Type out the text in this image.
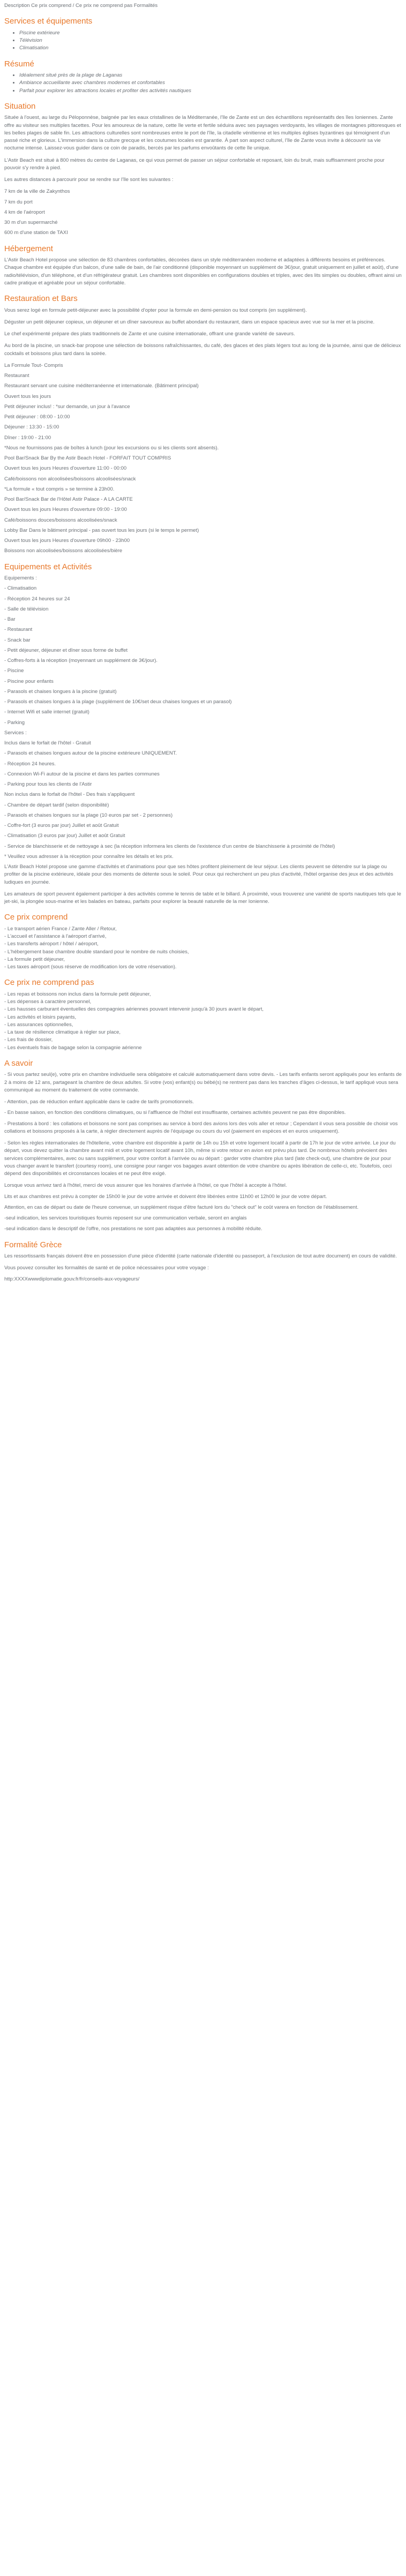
Description Ce prix comprend / Ce prix ne comprend pas Formalités
Services et équipements
• Piscine extérieure
• Télévision
• Climatisation
Résumé
• Idéalement situé près de la plage de Laganas
• Ambiance accueillante avec chambres modernes et confortables
• Parfait pour explorer les attractions locales et profiter des activités nautiques
Situation

Située à l'ouest, au large du Péloponnèse, baignée par les eaux cristallines de la Méditerranée, l'île de Zante est un des échantillons représentatifs des îles Ioniennes. Zante offre au visiteur ses multiples facettes. Pour les amoureux de la nature, cette île verte et fertile séduira avec ses paysages verdoyants, les villages de montagnes pittoresques et les belles plages de sable fin. Les attractions culturelles sont nombreuses entre le port de l'île, la citadelle vénitienne et les multiples églises byzantines qui témoignent d'un passé riche et glorieux. L'immersion dans la culture grecque et les coutumes locales est garantie. À part son aspect culturel, l'île de Zante vous invite à découvrir sa vie nocturne intense. Laissez-vous guider dans ce coin de paradis, bercés par les parfums envoûtants de cette île unique.

L'Astir Beach est situé à 800 mètres du centre de Laganas, ce qui vous permet de passer un séjour confortable et reposant, loin du bruit, mais suffisamment proche pour pouvoir s'y rendre à pied.

Les autres distances à parcourir pour se rendre sur l'île sont les suivantes :

7 km de la ville de Zakynthos

7 km du port

4 km de l'aéroport

30 m d'un supermarché

600 m d'une station de TAXI

Hébergement

L'Astir Beach Hotel propose une sélection de 83 chambres confortables, décorées dans un style méditerranéen moderne et adaptées à différents besoins et préférences. Chaque chambre est équipée d'un balcon, d'une salle de bain, de l'air conditionné (disponible moyennant un supplément de 3€/jour, gratuit uniquement en juillet et août), d'une radio/télévision, d'un téléphone, et d'un réfrigérateur gratuit. Les chambres sont disponibles en configurations doubles et triples, avec des lits simples ou doubles, offrant ainsi un cadre pratique et agréable pour un séjour confortable.

Restauration et Bars

Vous serez logé en formule petit-déjeuner avec la possibilité d'opter pour la formule en demi-pension ou tout compris (en supplément).

Déguster un petit déjeuner copieux, un déjeuner et un dîner savoureux au buffet abondant du restaurant, dans un espace spacieux avec vue sur la mer et la piscine.

Le chef expérimenté prépare des plats traditionnels de Zante et une cuisine internationale, offrant une grande variété de saveurs.

Au bord de la piscine, un snack-bar propose une sélection de boissons rafraîchissantes, du café, des glaces et des plats légers tout au long de la journée, ainsi que de délicieux cocktails et boissons plus tard dans la soirée.

La Formule Tout- Compris

Restaurant

Restaurant servant une cuisine méditerranéenne et internationale. (Bâtiment principal)

Ouvert tous les jours

Petit déjeuner inclus! : *sur demande, un jour à l'avance

Petit déjeuner : 08:00 - 10:00

Déjeuner : 13:30 - 15:00

Dîner : 19:00 - 21:00

*Nous ne fournissons pas de boîtes à lunch (pour les excursions ou si les clients sont absents).

Pool Bar/Snack Bar By the Astir Beach Hotel - FORFAIT TOUT COMPRIS

Ouvert tous les jours Heures d'ouverture 11:00 - 00:00

Café/boissons non alcoolisées/boissons alcoolisées/snack

*La formule « tout compris » se termine à 23h00.

Pool Bar/Snack Bar de l'Hôtel Astir Palace - A LA CARTE

Ouvert tous les jours Heures d'ouverture 09:00 - 19:00

Café/boissons douces/boissons alcoolisées/snack

Lobby Bar Dans le bâtiment principal - pas ouvert tous les jours (si le temps le permet)

Ouvert tous les jours Heures d'ouverture 09h00 - 23h00

Boissons non alcoolisées/boissons alcoolisées/bière

Equipements et Activités

Equipements :

- Climatisation

- Réception 24 heures sur 24

- Salle de télévision

- Bar

- Restaurant

- Snack bar

- Petit déjeuner, déjeuner et dîner sous forme de buffet

- Coffres-forts à la réception (moyennant un supplément de 3€/jour).

- Piscine

- Piscine pour enfants

- Parasols et chaises longues à la piscine (gratuit)

- Parasols et chaises longues à la plage (supplément de 10€/set deux chaises longues et un parasol)

- Internet Wifi et salle internet (gratuit)

- Parking

Services :

Inclus dans le forfait de l'hôtel - Gratuit

- Parasols et chaises longues autour de la piscine extérieure UNIQUEMENT.

- Réception 24 heures.

- Connexion Wi-Fi autour de la piscine et dans les parties communes

- Parking pour tous les clients de l'Astir

Non inclus dans le forfait de l'hôtel - Des frais s'appliquent

- Chambre de départ tardif (selon disponibilité)

- Parasols et chaises longues sur la plage (10 euros par set - 2 personnes)

- Coffre-fort (3 euros par jour) Juillet et août Gratuit

- Climatisation (3 euros par jour) Juillet et août Gratuit

- Service de blanchisserie et de nettoyage à sec (la réception informera les clients de l'existence d'un centre de blanchisserie à proximité de l'hôtel)

* Veuillez vous adresser à la réception pour connaître les détails et les prix.

L'Astir Beach Hotel propose une gamme d'activités et d'animations pour que ses hôtes profitent pleinement de leur séjour. Les clients peuvent se détendre sur la plage ou profiter de la piscine extérieure, idéale pour des moments de détente sous le soleil. Pour ceux qui recherchent un peu plus d'activité, l'hôtel organise des jeux et des activités ludiques en journée.

Les amateurs de sport peuvent également participer à des activités comme le tennis de table et le billard. À proximité, vous trouverez une variété de sports nautiques tels que le jet-ski, la plongée sous-marine et les balades en bateau, parfaits pour explorer la beauté naturelle de la mer Ionienne.

Ce prix comprend
- Le transport aérien France / Zante Aller / Retour,
- L'accueil et l'assistance à l'aéroport d'arrivé,
- Les transferts aéroport / hôtel / aéroport,
- L'hébergement base chambre double standard pour le nombre de nuits choisies,
- La formule petit déjeuner,
- Les taxes aéroport (sous réserve de modification lors de votre réservation).
Ce prix ne comprend pas
- Les repas et boissons non inclus dans la formule petit déjeuner,
- Les dépenses à caractère personnel,
- Les hausses carburant éventuelles des compagnies aériennes pouvant intervenir jusqu'à 30 jours avant le départ,
- Les activités et loisirs payants,
- Les assurances optionnelles,
- La taxe de résilience climatique à régler sur place,
- Les frais de dossier,
- Les éventuels frais de bagage selon la compagnie aérienne
A savoir

- Si vous partez seul(e), votre prix en chambre individuelle sera obligatoire et calculé automatiquement dans votre devis. - Les tarifs enfants seront appliqués pour les enfants de 2 à moins de 12 ans, partageant la chambre de deux adultes. Si votre (vos) enfant(s) ou bébé(s) ne rentrent pas dans les tranches d'âges ci-dessus, le tarif appliqué vous sera communiqué au moment du traitement de votre commande.

- Attention, pas de réduction enfant applicable dans le cadre de tarifs promotionnels.

- En basse saison, en fonction des conditions climatiques, ou si l'affluence de l'hôtel est insuffisante, certaines activités peuvent ne pas être disponibles.

- Prestations à bord : les collations et boissons ne sont pas comprises au service à bord des avions lors des vols aller et retour ; Cependant il vous sera possible de choisir vos collations et boissons proposés à la carte, à régler directement auprès de l'équipage ou cours du vol (paiement en espèces et en euros uniquement).

- Selon les règles internationales de l'hôtellerie, votre chambre est disponible à partir de 14h ou 15h et votre logement locatif à partir de 17h le jour de votre arrivée. Le jour du départ, vous devez quitter la chambre avant midi et votre logement locatif avant 10h, même si votre retour en avion est prévu plus tard. De nombreux hôtels prévoient des services complémentaires, avec ou sans supplément, pour votre confort à l'arrivée ou au départ : garder votre chambre plus tard (late check-out), une chambre de jour pour vous changer avant le transfert (courtesy room), une consigne pour ranger vos bagages avant obtention de votre chambre ou après libération de celle-ci, etc. Toutefois, ceci dépend des disponibilités et circonstances locales et ne peut être exigé.

Lorsque vous arrivez tard à l'hôtel, merci de vous assurer que les horaires d'arrivée à l'hôtel, ce que l'hôtel à accepte à l'hôtel.

Lits et aux chambres est prévu à compter de 15h00 le jour de votre arrivée et doivent être libérées entre 11h00 et 12h00 le jour de votre départ.

Attention, en cas de départ ou date de l'heure convenue, un supplément risque d'être facturé lors du "check out" le coût varera en fonction de l'établissement.

-seul indication, les services touristiques fournis reposent sur une communication verbale, seront en anglais

-seul indication dans le descriptif de l'offre, nos prestations ne sont pas adaptées aux personnes à mobilité réduite.

Formalité Grèce

Les ressortissants français doivent être en possession d'une pièce d'identité (carte nationale d'identité ou passeport, à l'exclusion de tout autre document) en cours de validité.

Vous pouvez consulter les formalités de santé et de police nécessaires pour votre voyage :

http:XXXXwwwdiplomatie.gouv.fr/fr/conseils-aux-voyageurs/
